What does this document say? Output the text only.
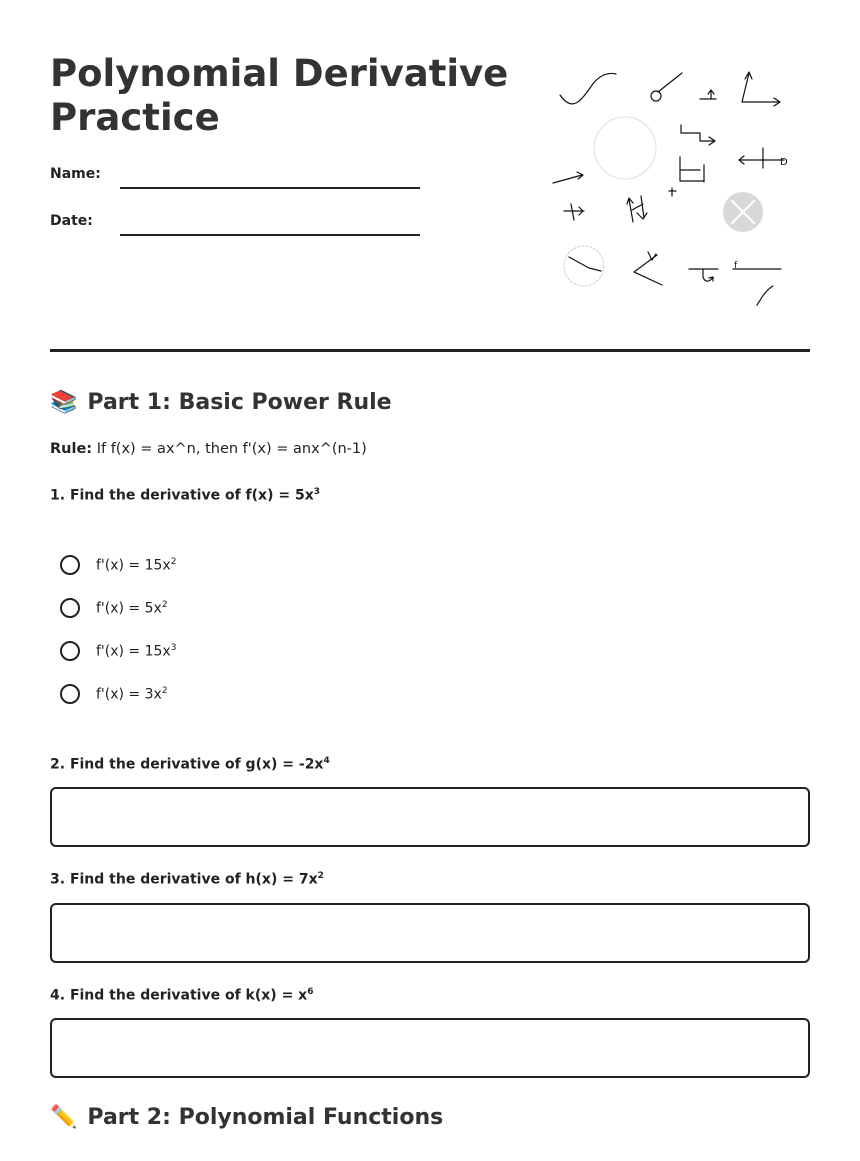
Polynomial Derivative Practice
Name:
Date:
D
f
📚 Part 1: Basic Power Rule

Rule: If f(x) = ax^n, then f'(x) = anx^(n-1)

1. Find the derivative of $f(x) = 5x^3$
$f'(x) = 15x^2$
$f'(x) = 5x^2$
$f'(x) = 15x^3$
$f'(x) = 3x^2$
2. Find the derivative of $g(x) = -2x^4$
3. Find the derivative of $h(x) = 7x^2$
4. Find the derivative of $k(x) = x^6$
✏️ Part 2: Polynomial Functions
